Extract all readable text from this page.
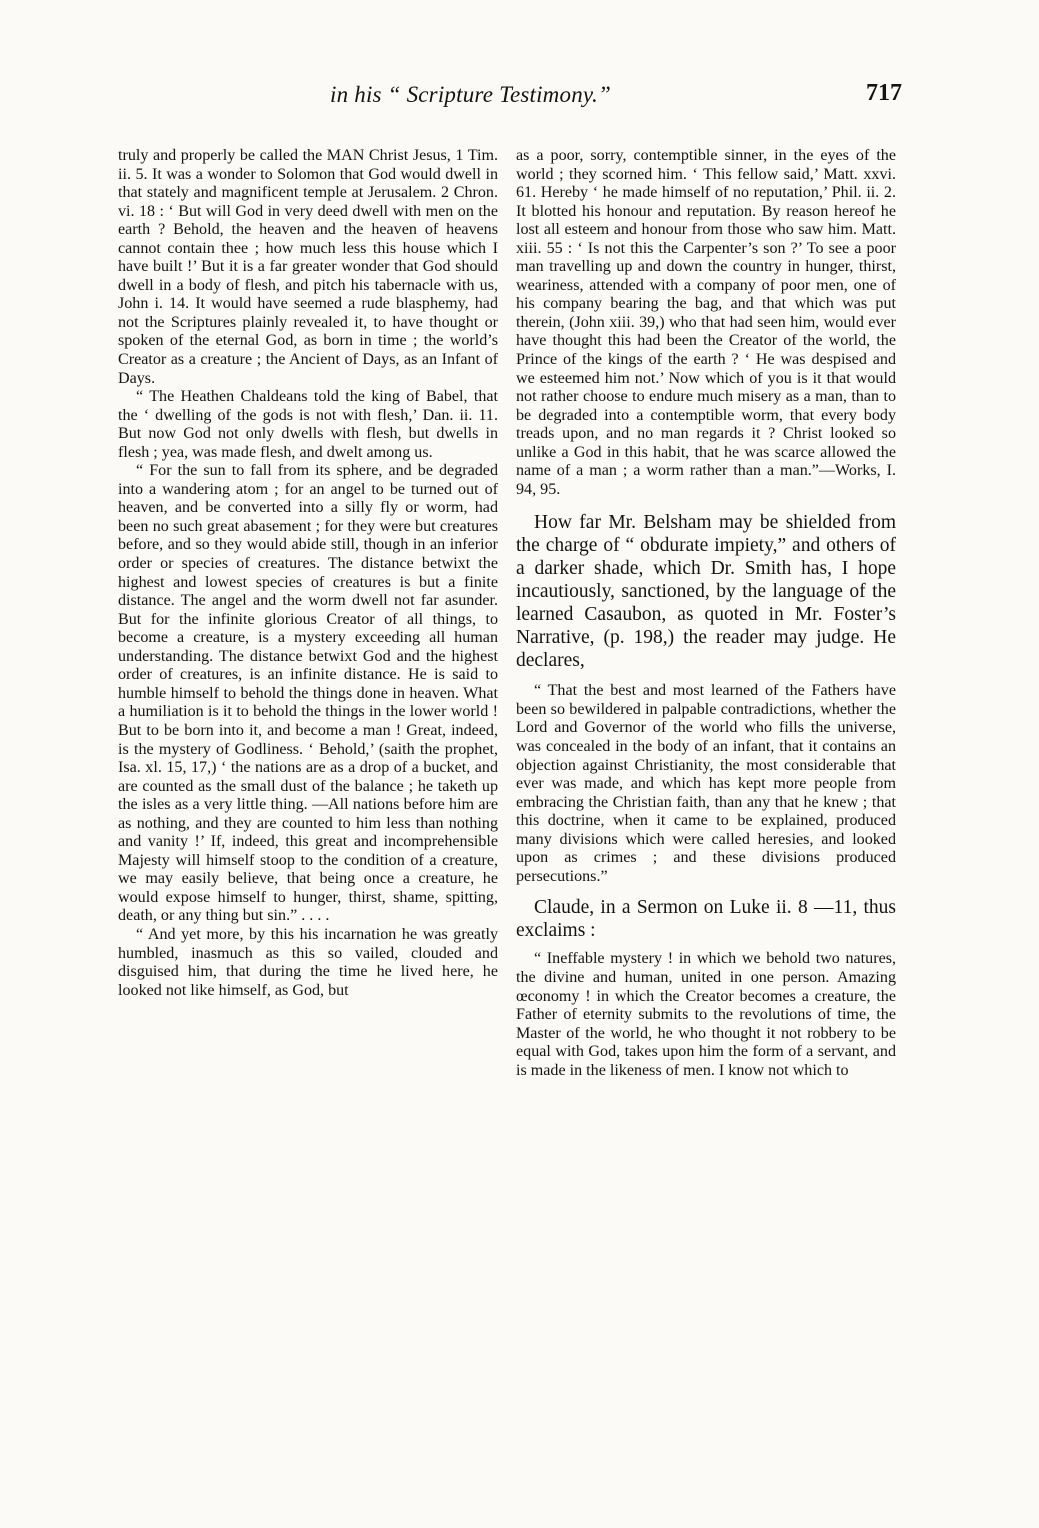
in his “ Scripture Testimony.”	717

truly and properly be called the MAN Christ Jesus, 1 Tim. ii. 5. It was a wonder to Solomon that God would dwell in that stately and magnificent temple at Jerusalem. 2 Chron. vi. 18 : ‘ But will God in very deed dwell with men on the earth ? Behold, the heaven and the heaven of heavens cannot contain thee ; how much less this house which I have built !’ But it is a far greater wonder that God should dwell in a body of flesh, and pitch his tabernacle with us, John i. 14. It would have seemed a rude blasphemy, had not the Scriptures plainly revealed it, to have thought or spoken of the eternal God, as born in time ; the world’s Creator as a creature ; the Ancient of Days, as an Infant of Days.

“ The Heathen Chaldeans told the king of Babel, that the ‘ dwelling of the gods is not with flesh,’ Dan. ii. 11. But now God not only dwells with flesh, but dwells in flesh ; yea, was made flesh, and dwelt among us.

“ For the sun to fall from its sphere, and be degraded into a wandering atom ; for an angel to be turned out of heaven, and be converted into a silly fly or worm, had been no such great abasement ; for they were but creatures before, and so they would abide still, though in an inferior order or species of creatures. The distance betwixt the highest and lowest species of creatures is but a finite distance. The angel and the worm dwell not far asunder. But for the infinite glorious Creator of all things, to become a creature, is a mystery exceeding all human understanding. The distance betwixt God and the highest order of creatures, is an infinite distance. He is said to humble himself to behold the things done in heaven. What a humiliation is it to behold the things in the lower world ! But to be born into it, and become a man ! Great, indeed, is the mystery of Godliness. ‘ Behold,’ (saith the prophet, Isa. xl. 15, 17,) ‘ the nations are as a drop of a bucket, and are counted as the small dust of the balance ; he taketh up the isles as a very little thing. —All nations before him are as nothing, and they are counted to him less than nothing and vanity !’ If, indeed, this great and incomprehensible Majesty will himself stoop to the condition of a creature, we may easily believe, that being once a creature, he would expose himself to hunger, thirst, shame, spitting, death, or any thing but sin.” . . . .

“ And yet more, by this his incarnation he was greatly humbled, inasmuch as this so vailed, clouded and disguised him, that during the time he lived here, he looked not like himself, as God, but

as a poor, sorry, contemptible sinner, in the eyes of the world ; they scorned him. ‘ This fellow said,’ Matt. xxvi. 61. Hereby ‘ he made himself of no reputation,’ Phil. ii. 2. It blotted his honour and reputation. By reason hereof he lost all esteem and honour from those who saw him. Matt. xiii. 55 : ‘ Is not this the Carpenter’s son ?’ To see a poor man travelling up and down the country in hunger, thirst, weariness, attended with a company of poor men, one of his company bearing the bag, and that which was put therein, (John xiii. 39,) who that had seen him, would ever have thought this had been the Creator of the world, the Prince of the kings of the earth ? ‘ He was despised and we esteemed him not.’ Now which of you is it that would not rather choose to endure much misery as a man, than to be degraded into a contemptible worm, that every body treads upon, and no man regards it ? Christ looked so unlike a God in this habit, that he was scarce allowed the name of a man ; a worm rather than a man.”—Works, I. 94, 95.

How far Mr. Belsham may be shielded from the charge of “ obdurate impiety,” and others of a darker shade, which Dr. Smith has, I hope incautiously, sanctioned, by the language of the learned Casaubon, as quoted in Mr. Foster’s Narrative, (p. 198,) the reader may judge. He declares,

“ That the best and most learned of the Fathers have been so bewildered in palpable contradictions, whether the Lord and Governor of the world who fills the universe, was concealed in the body of an infant, that it contains an objection against Christianity, the most considerable that ever was made, and which has kept more people from embracing the Christian faith, than any that he knew ; that this doctrine, when it came to be explained, produced many divisions which were called heresies, and looked upon as crimes ; and these divisions produced persecutions.”

Claude, in a Sermon on Luke ii. 8 —11, thus exclaims :

“ Ineffable mystery ! in which we behold two natures, the divine and human, united in one person. Amazing œconomy ! in which the Creator becomes a creature, the Father of eternity submits to the revolutions of time, the Master of the world, he who thought it not robbery to be equal with God, takes upon him the form of a servant, and is made in the likeness of men. I know not which to
